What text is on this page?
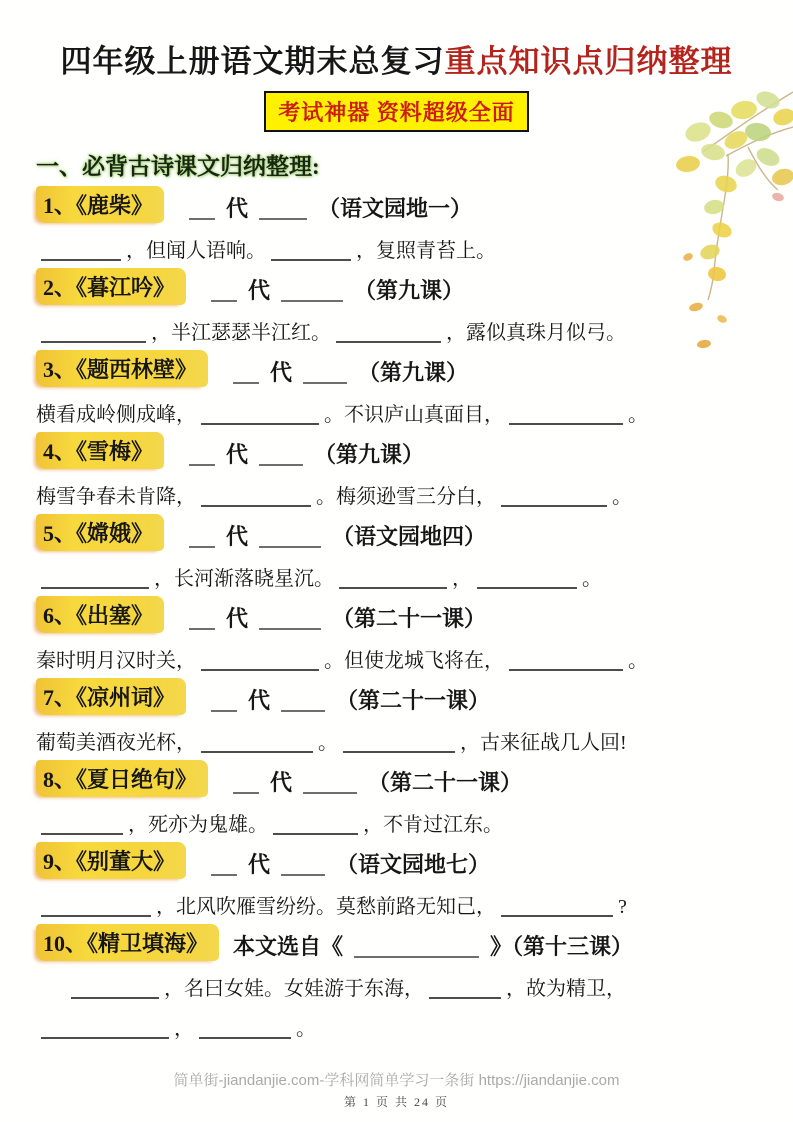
四年级上册语文期末总复习重点知识点归纳整理
考试神器 资料超级全面
一、必背古诗课文归纳整理:
1、《鹿柴》	代	（语文园地一）
，但闻人语响。	，复照青苔上。
2、《暮江吟》	代	（第九课）
，半江瑟瑟半江红。	，露似真珠月似弓。
3、《题西林壁》	代	（第九课）
横看成岭侧成峰，	。不识庐山真面目，	。
4、《雪梅》	代	（第九课）
梅雪争春未肯降，	。梅须逊雪三分白，	。
5、《嫦娥》	代	（语文园地四）
，长河渐落晓星沉。	，	。
6、《出塞》	代	（第二十一课）
秦时明月汉时关，	。但使龙城飞将在，	。
7、《凉州词》	代	（第二十一课）
葡萄美酒夜光杯，	。	，古来征战几人回!
8、《夏日绝句》	代	（第二十一课）
，死亦为鬼雄。	，不肯过江东。
9、《别董大》	代	（语文园地七）
，北风吹雁雪纷纷。莫愁前路无知己，	?
10、《精卫填海》	本文选自《	》（第十三课）
，名曰女娃。女娃游于东海，	，故为精卫，
，	。
简单街-jiandanjie.com-学科网简单学习一条街 https://jiandanjie.com
第 1 页 共 24 页
